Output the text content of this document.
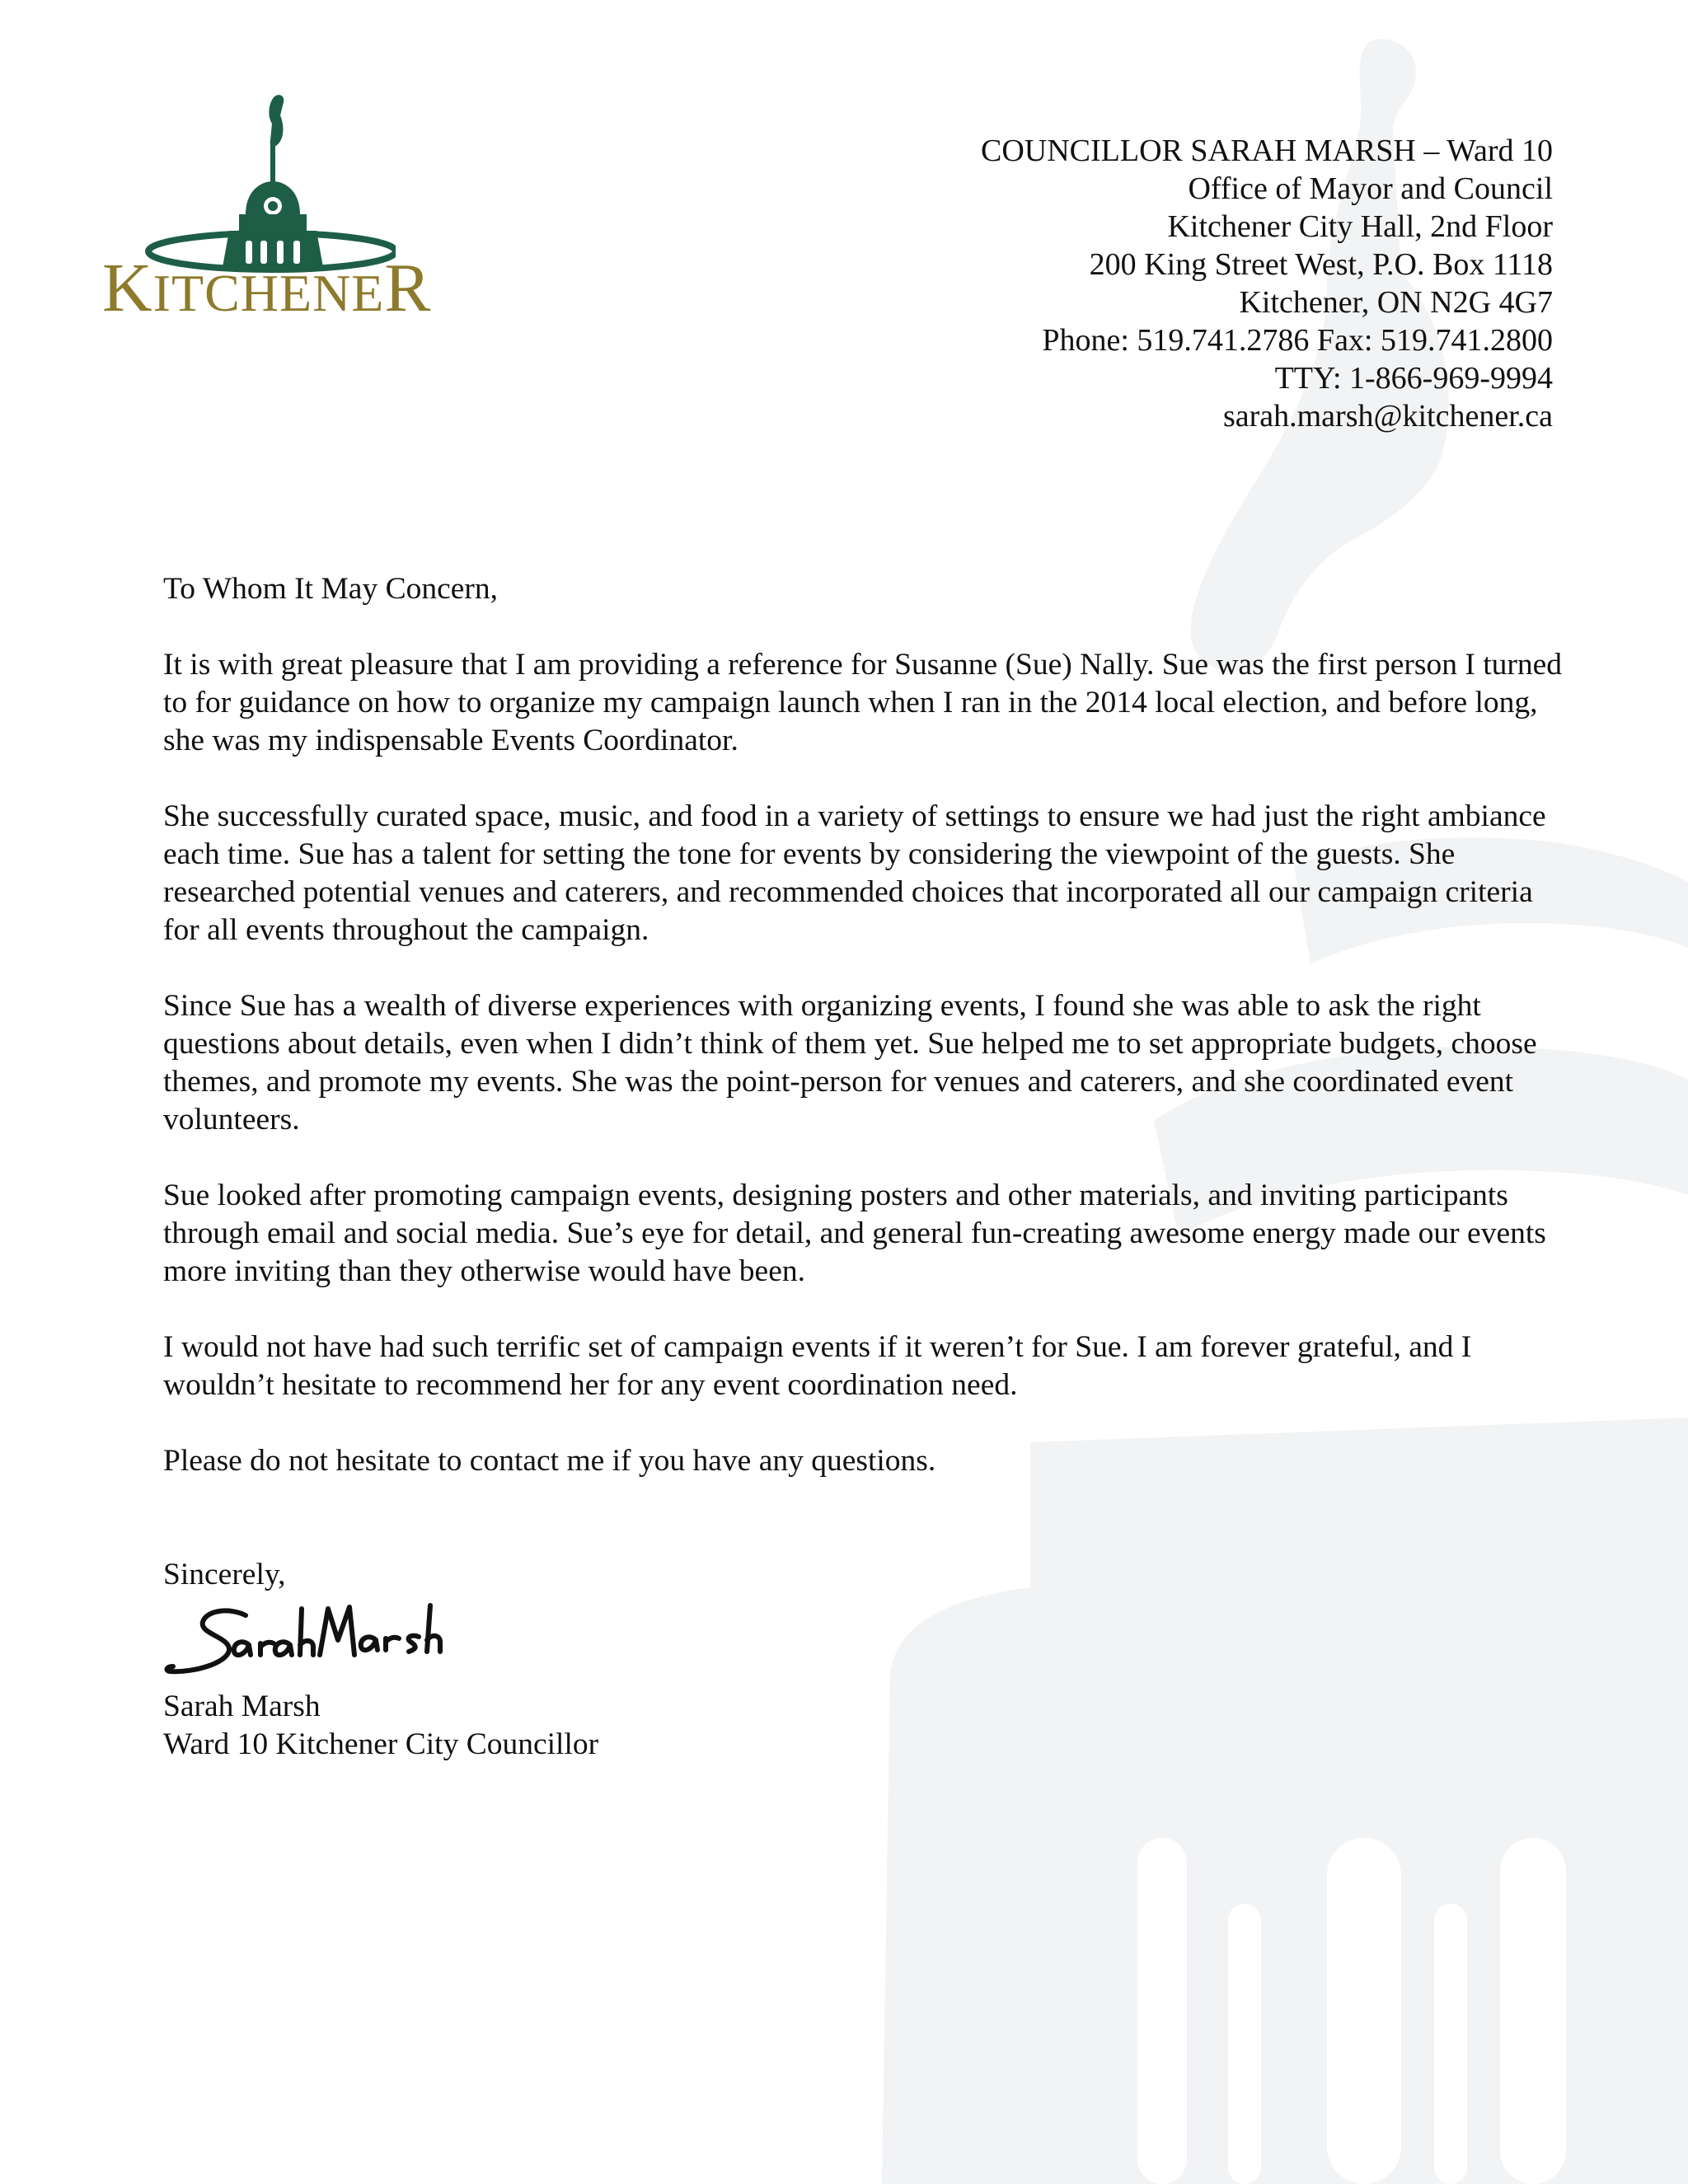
KITCHENER
COUNCILLOR SARAH MARSH – Ward 10
Office of Mayor and Council
Kitchener City Hall, 2nd Floor
200 King Street West, P.O. Box 1118
Kitchener, ON N2G 4G7
Phone: 519.741.2786 Fax: 519.741.2800
TTY: 1-866-969-9994
sarah.marsh@kitchener.ca

To Whom It May Concern,

It is with great pleasure that I am providing a reference for Susanne (Sue) Nally. Sue was the first person I turned to for guidance on how to organize my campaign launch when I ran in the 2014 local election, and before long, she was my indispensable Events Coordinator.

She successfully curated space, music, and food in a variety of settings to ensure we had just the right ambiance each time. Sue has a talent for setting the tone for events by considering the viewpoint of the guests. She researched potential venues and caterers, and recommended choices that incorporated all our campaign criteria for all events throughout the campaign.

Since Sue has a wealth of diverse experiences with organizing events, I found she was able to ask the right questions about details, even when I didn’t think of them yet. Sue helped me to set appropriate budgets, choose themes, and promote my events. She was the point-person for venues and caterers, and she coordinated event volunteers.

Sue looked after promoting campaign events, designing posters and other materials, and inviting participants through email and social media. Sue’s eye for detail, and general fun-creating awesome energy made our events more inviting than they otherwise would have been.

I would not have had such terrific set of campaign events if it weren’t for Sue. I am forever grateful, and I wouldn’t hesitate to recommend her for any event coordination need.

Please do not hesitate to contact me if you have any questions.

Sincerely,
Sarah Marsh
Ward 10 Kitchener City Councillor
